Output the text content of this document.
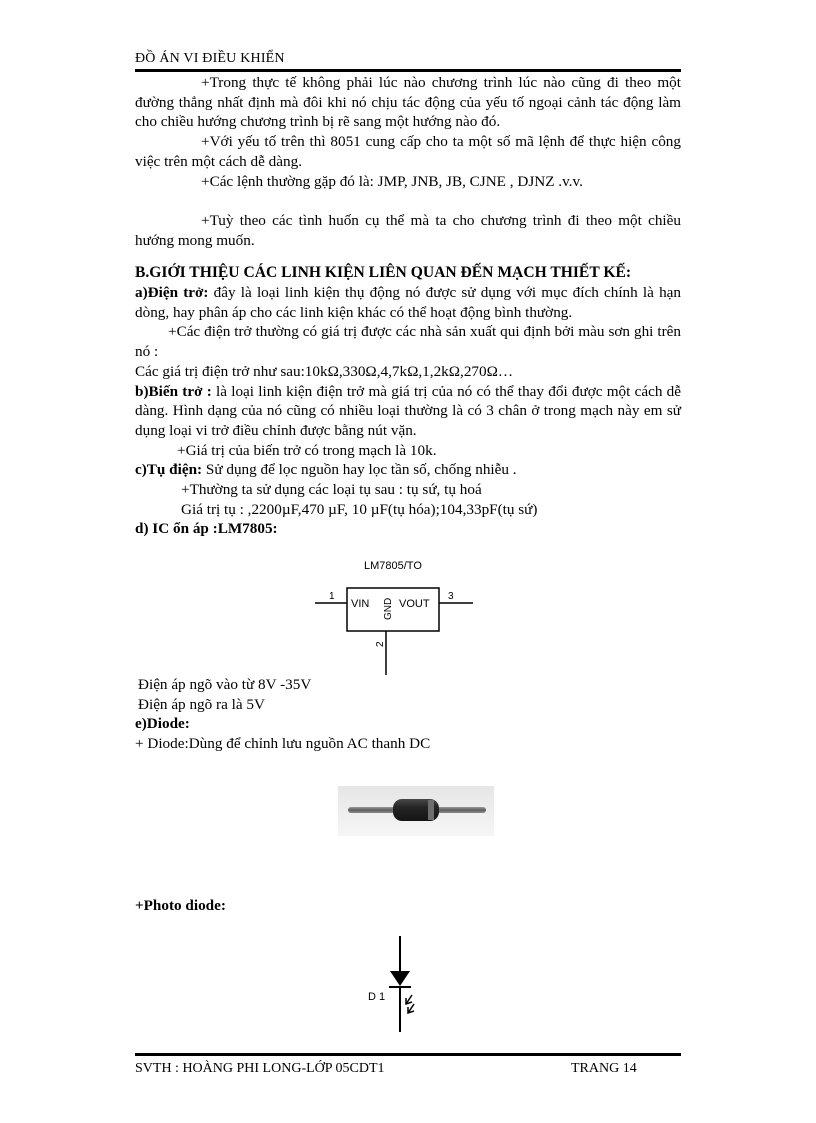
ĐỒ ÁN VI ĐIỀU KHIỂN

+Trong thực tế không phải lúc nào chương trình lúc nào cũng đi theo một đường thẳng nhất định mà đôi khi nó chịu tác động của yếu tố ngoại cảnh tác động làm cho chiều hướng chương trình bị rẽ sang một hướng nào đó.

+Với yếu tố trên thì 8051 cung cấp cho ta một số mã lệnh để thực hiện công việc trên một cách dễ dàng.

+Các lệnh thường gặp đó là: JMP, JNB, JB, CJNE , DJNZ .v.v.

+Tuỳ theo các tình huốn cụ thể mà ta cho chương trình đi theo một chiều hướng mong muốn.

B.GIỚI THIỆU CÁC LINH KIỆN LIÊN QUAN ĐẾN MẠCH THIẾT KẾ:

a)Điện trở: đây là loại linh kiện thụ động nó được sử dụng với mục đích chính là hạn dòng, hay phân áp cho các linh kiện khác có thể hoạt động bình thường.

+Các điện trở thường có giá trị được các nhà sản xuất qui định bởi màu sơn ghi trên nó :

Các giá trị điện trở như sau:10kΩ,330Ω,4,7kΩ,1,2kΩ,270Ω…

b)Biến trở : là loại linh kiện điện trở mà giá trị của nó có thể thay đổi được một cách dễ dàng. Hình dạng của nó cũng có nhiều loại thường là có 3 chân ở trong mạch này em sử dụng loại vi trở điều chỉnh được bằng nút vặn.

+Giá trị của biến trở có trong mạch là 10k.

c)Tụ điện: Sử dụng để lọc nguồn hay lọc tần số, chống nhiễu .

+Thường ta sử dụng các loại tụ sau : tụ sứ, tụ hoá

Giá trị tụ : ,2200µF,470 µF, 10 µF(tụ hóa);104,33pF(tụ sứ)

d) IC ổn áp :LM7805:

LM7805/TO
1	3
VIN	VOUT
GND
2

Điện áp ngõ vào từ 8V -35V

Điện áp ngõ ra là 5V

e)Diode:

+ Diode:Dùng để chỉnh lưu nguồn AC thanh DC

+Photo diode:
D 1
SVTH : HOÀNG PHI LONG-LỚP 05CDT1	TRANG 14
